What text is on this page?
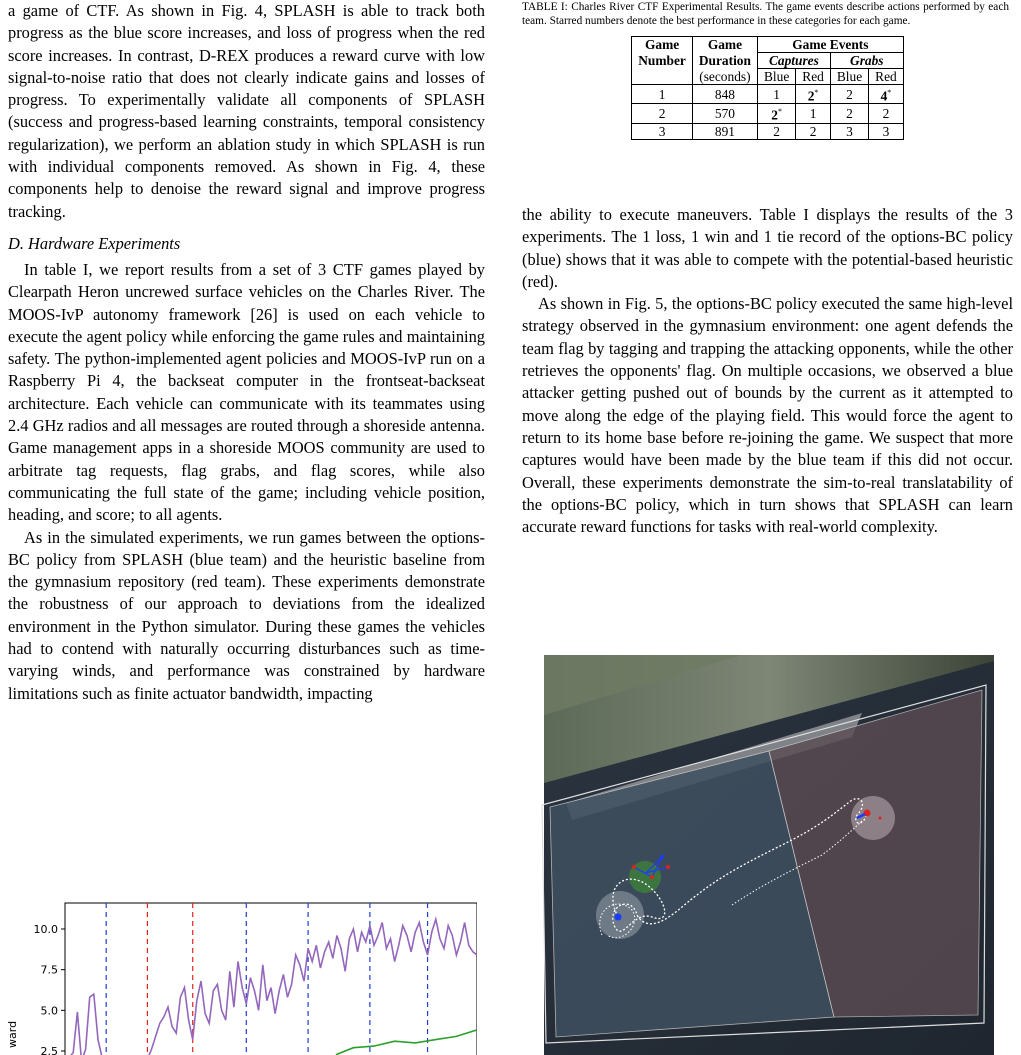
a game of CTF. As shown in Fig. 4, SPLASH is able to track both progress as the blue score increases, and loss of progress when the red score increases. In contrast, D-REX produces a reward curve with low signal-to-noise ratio that does not clearly indicate gains and losses of progress. To experimentally validate all components of SPLASH (success and progress-based learning constraints, temporal consistency regularization), we perform an ablation study in which SPLASH is run with individual components removed. As shown in Fig. 4, these components help to denoise the reward signal and improve progress tracking.

D. Hardware Experiments

In table I, we report results from a set of 3 CTF games played by Clearpath Heron uncrewed surface vehicles on the Charles River. The MOOS-IvP autonomy framework [26] is used on each vehicle to execute the agent policy while enforcing the game rules and maintaining safety. The python-implemented agent policies and MOOS-IvP run on a Raspberry Pi 4, the backseat computer in the frontseat-backseat architecture. Each vehicle can communicate with its teammates using 2.4 GHz radios and all messages are routed through a shoreside antenna. Game management apps in a shoreside MOOS community are used to arbitrate tag requests, flag grabs, and flag scores, while also communicating the full state of the game; including vehicle position, heading, and score; to all agents.

As in the simulated experiments, we run games between the options-BC policy from SPLASH (blue team) and the heuristic baseline from the gymnasium repository (red team). These experiments demonstrate the robustness of our approach to deviations from the idealized environment in the Python simulator. During these games the vehicles had to contend with naturally occurring disturbances such as time-varying winds, and performance was constrained by hardware limitations such as finite actuator bandwidth, impacting

10.0
7.5
5.0
2.5
ward

TABLE I: Charles River CTF Experimental Results. The game events describe actions performed by each team. Starred numbers denote the best performance in these categories for each game.

Game	Game	Game Events			
Number	Duration	Captures		Grabs	
	(seconds)	Blue	Red	Blue	Red
1	848	1	2*	2	4*
2	570	2*	1	2	2
3	891	2	2	3	3

the ability to execute maneuvers. Table I displays the results of the 3 experiments. The 1 loss, 1 win and 1 tie record of the options-BC policy (blue) shows that it was able to compete with the potential-based heuristic (red).

As shown in Fig. 5, the options-BC policy executed the same high-level strategy observed in the gymnasium environment: one agent defends the team flag by tagging and trapping the attacking opponents, while the other retrieves the opponents' flag. On multiple occasions, we observed a blue attacker getting pushed out of bounds by the current as it attempted to move along the edge of the playing field. This would force the agent to return to its home base before re-joining the game. We suspect that more captures would have been made by the blue team if this did not occur. Overall, these experiments demonstrate the sim-to-real translatability of the options-BC policy, which in turn shows that SPLASH can learn accurate reward functions for tasks with real-world complexity.
